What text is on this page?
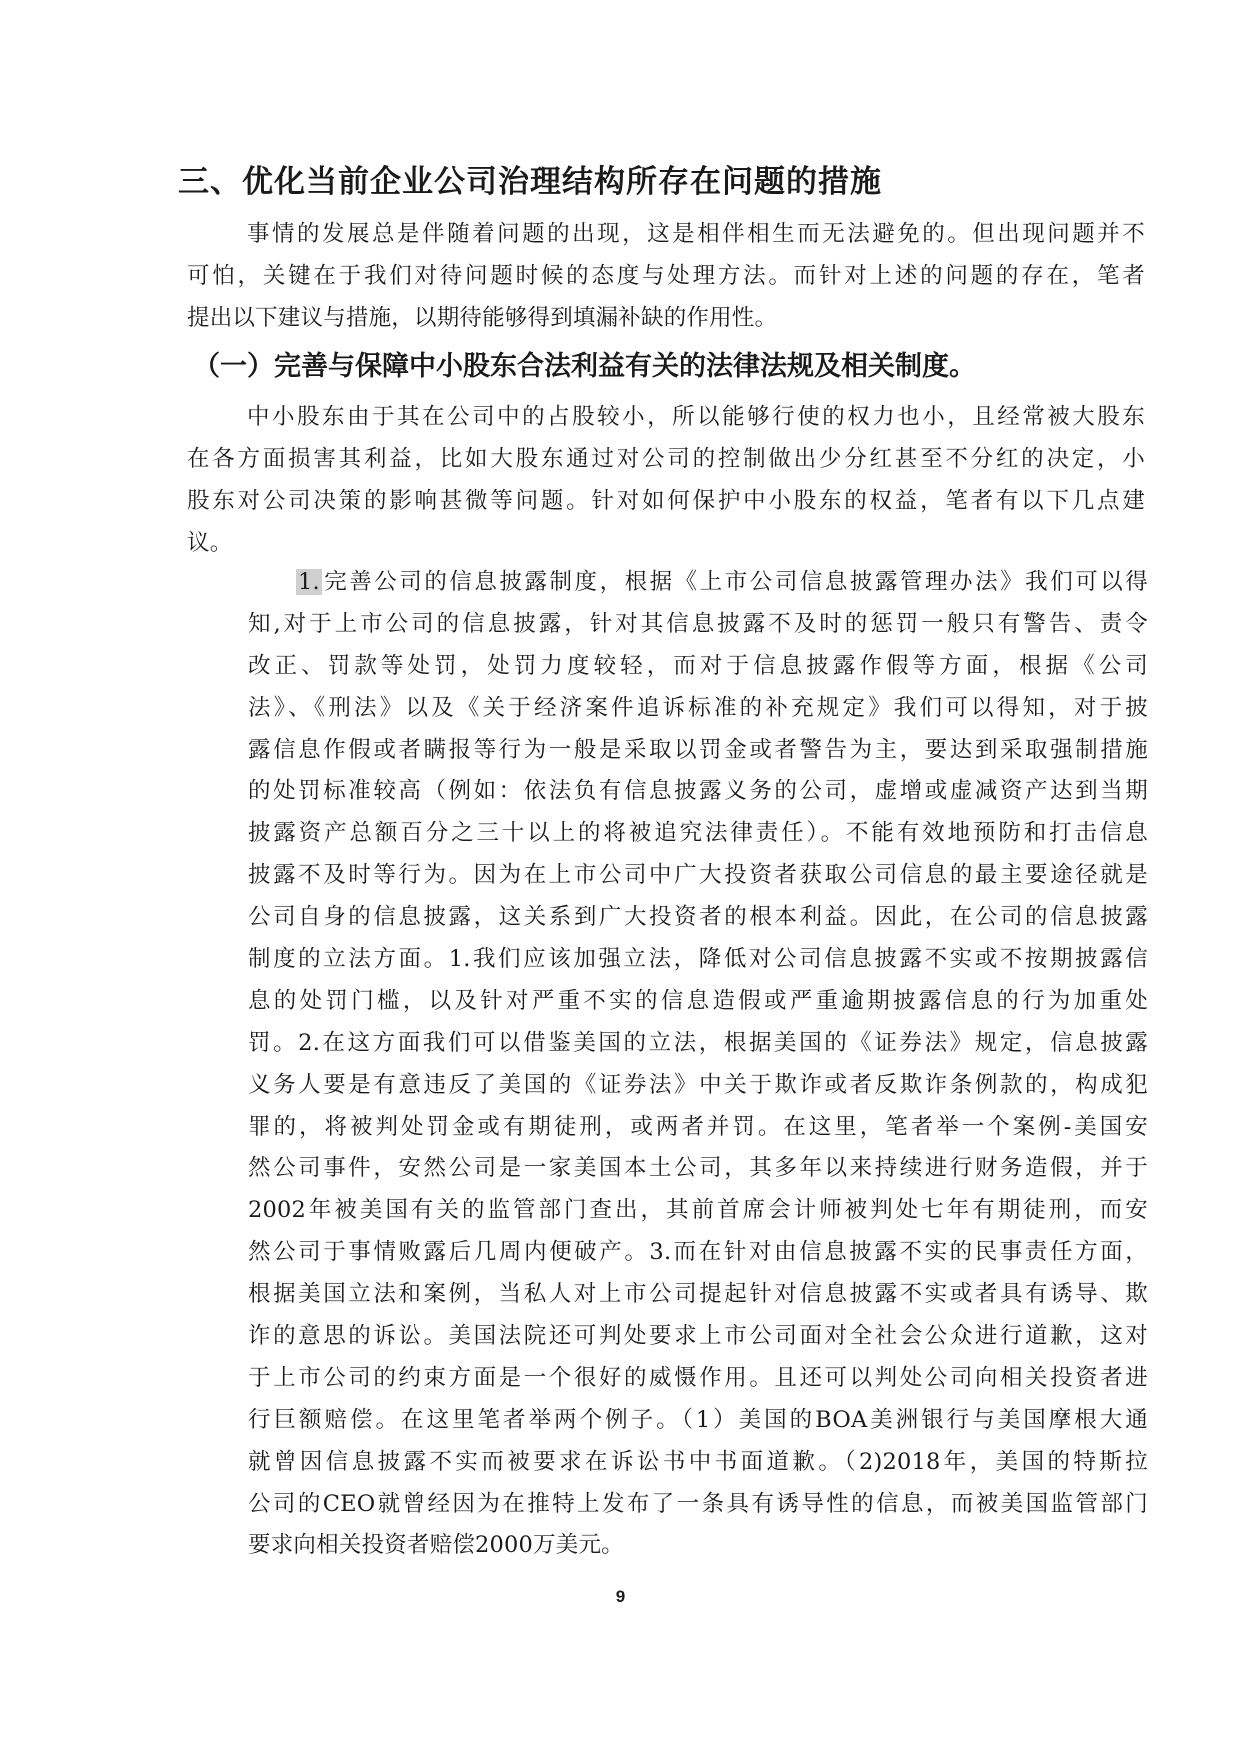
三、优化当前企业公司治理结构所存在问题的措施
事情的发展总是伴随着问题的出现，这是相伴相生而无法避免的。但出现问题并不
可怕，关键在于我们对待问题时候的态度与处理方法。而针对上述的问题的存在，笔者
提出以下建议与措施，以期待能够得到填漏补缺的作用性。
（一）完善与保障中小股东合法利益有关的法律法规及相关制度。
中小股东由于其在公司中的占股较小，所以能够行使的权力也小，且经常被大股东
在各方面损害其利益，比如大股东通过对公司的控制做出少分红甚至不分红的决定，小
股东对公司决策的影响甚微等问题。针对如何保护中小股东的权益，笔者有以下几点建
议。
1.完善公司的信息披露制度，根据《上市公司信息披露管理办法》我们可以得
知,对于上市公司的信息披露，针对其信息披露不及时的惩罚一般只有警告、责令
改正、罚款等处罚，处罚力度较轻，而对于信息披露作假等方面，根据《公司
法》、《刑法》以及《关于经济案件追诉标准的补充规定》我们可以得知，对于披
露信息作假或者瞒报等行为一般是采取以罚金或者警告为主，要达到采取强制措施
的处罚标准较高（例如：依法负有信息披露义务的公司，虚增或虚减资产达到当期
披露资产总额百分之三十以上的将被追究法律责任）。不能有效地预防和打击信息
披露不及时等行为。因为在上市公司中广大投资者获取公司信息的最主要途径就是
公司自身的信息披露，这关系到广大投资者的根本利益。因此，在公司的信息披露
制度的立法方面。1.我们应该加强立法，降低对公司信息披露不实或不按期披露信
息的处罚门槛，以及针对严重不实的信息造假或严重逾期披露信息的行为加重处
罚。2.在这方面我们可以借鉴美国的立法，根据美国的《证券法》规定，信息披露
义务人要是有意违反了美国的《证券法》中关于欺诈或者反欺诈条例款的，构成犯
罪的，将被判处罚金或有期徒刑，或两者并罚。在这里，笔者举一个案例-美国安
然公司事件，安然公司是一家美国本土公司，其多年以来持续进行财务造假，并于
2002年被美国有关的监管部门查出，其前首席会计师被判处七年有期徒刑，而安
然公司于事情败露后几周内便破产。3.而在针对由信息披露不实的民事责任方面，
根据美国立法和案例，当私人对上市公司提起针对信息披露不实或者具有诱导、欺
诈的意思的诉讼。美国法院还可判处要求上市公司面对全社会公众进行道歉，这对
于上市公司的约束方面是一个很好的威慑作用。且还可以判处公司向相关投资者进
行巨额赔偿。在这里笔者举两个例子。（1）美国的BOA美洲银行与美国摩根大通
就曾因信息披露不实而被要求在诉讼书中书面道歉。（2)2018年，美国的特斯拉
公司的CEO就曾经因为在推特上发布了一条具有诱导性的信息，而被美国监管部门
要求向相关投资者赔偿2000万美元。
9
